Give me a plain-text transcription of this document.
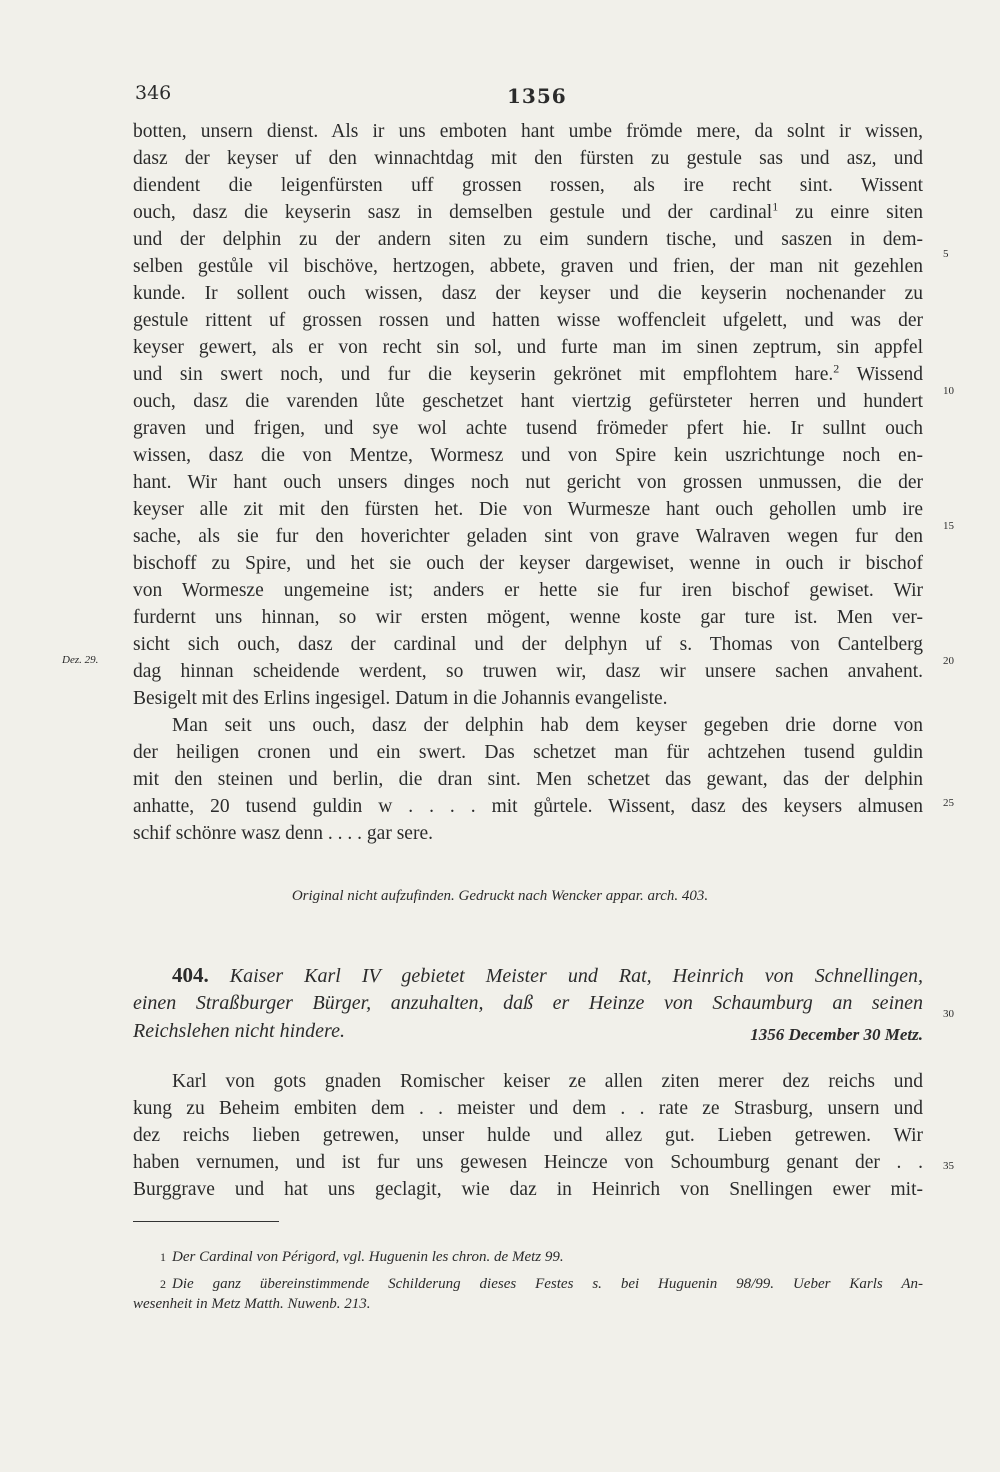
346	1356
botten, unsern dienst. Als ir uns emboten hant umbe frömde mere, da solnt ir wissen,
dasz der keyser uf den winnachtdag mit den fürsten zu gestule sas und asz, und
diendent die leigenfürsten uff grossen rossen, als ire recht sint. Wissent
ouch, dasz die keyserin sasz in demselben gestule und der cardinal$^1$ zu einre siten
und der delphin zu der andern siten zu eim sundern tische, und saszen in dem-
selben gestůle vil bischöve, hertzogen, abbete, graven und frien, der man nit gezehlen
kunde. Ir sollent ouch wissen, dasz der keyser und die keyserin nochenander zu
gestule rittent uf grossen rossen und hatten wisse woffencleit ufgelett, und was der
keyser gewert, als er von recht sin sol, und furte man im sinen zeptrum, sin appfel
und sin swert noch, und fur die keyserin gekrönet mit empflohtem hare.$^2$ Wissend
ouch, dasz die varenden lůte geschetzet hant viertzig gefürsteter herren und hundert
graven und frigen, und sye wol achte tusend frömeder pfert hie. Ir sullnt ouch
wissen, dasz die von Mentze, Wormesz und von Spire kein uszrichtunge noch en-
hant. Wir hant ouch unsers dinges noch nut gericht von grossen unmussen, die der
keyser alle zit mit den fürsten het. Die von Wurmesze hant ouch gehollen umb ire
sache, als sie fur den hoverichter geladen sint von grave Walraven wegen fur den
bischoff zu Spire, und het sie ouch der keyser dargewiset, wenne in ouch ir bischof
von Wormesze ungemeine ist; anders er hette sie fur iren bischof gewiset. Wir
furdernt uns hinnan, so wir ersten mögent, wenne koste gar ture ist. Men ver-
sicht sich ouch, dasz der cardinal und der delphyn uf s. Thomas von Cantelberg
dag hinnan scheidende werdent, so truwen wir, dasz wir unsere sachen anvahent.
Besigelt mit des Erlins ingesigel. Datum in die Johannis evangeliste.
Man seit uns ouch, dasz der delphin hab dem keyser gegeben drie dorne von
der heiligen cronen und ein swert. Das schetzet man für achtzehen tusend guldin
mit den steinen und berlin, die dran sint. Men schetzet das gewant, das der delphin
anhatte, 20 tusend guldin w . . . . mit gůrtele. Wissent, dasz des keysers almusen
schif schönre wasz denn . . . . gar sere.
5
10
15
20
25
30
35
Dez. 29.
Original nicht aufzufinden. Gedruckt nach Wencker appar. arch. 403.
404. Kaiser Karl IV gebietet Meister und Rat, Heinrich von Schnellingen,
einen Straßburger Bürger, anzuhalten, daß er Heinze von Schaumburg an seinen
Reichslehen nicht hindere.	1356 December 30 Metz.
Karl von gots gnaden Romischer keiser ze allen ziten merer dez reichs und
kung zu Beheim embiten dem . . meister und dem . . rate ze Strasburg, unsern und
dez reichs lieben getrewen, unser hulde und allez gut. Lieben getrewen. Wir
haben vernumen, und ist fur uns gewesen Heincze von Schoumburg genant der . .
Burggrave und hat uns geclagit, wie daz in Heinrich von Snellingen ewer mit-
1 Der Cardinal von Périgord, vgl. Huguenin les chron. de Metz 99.
2 Die ganz übereinstimmende Schilderung dieses Festes s. bei Huguenin 98/99. Ueber Karls An-
wesenheit in Metz Matth. Nuwenb. 213.
